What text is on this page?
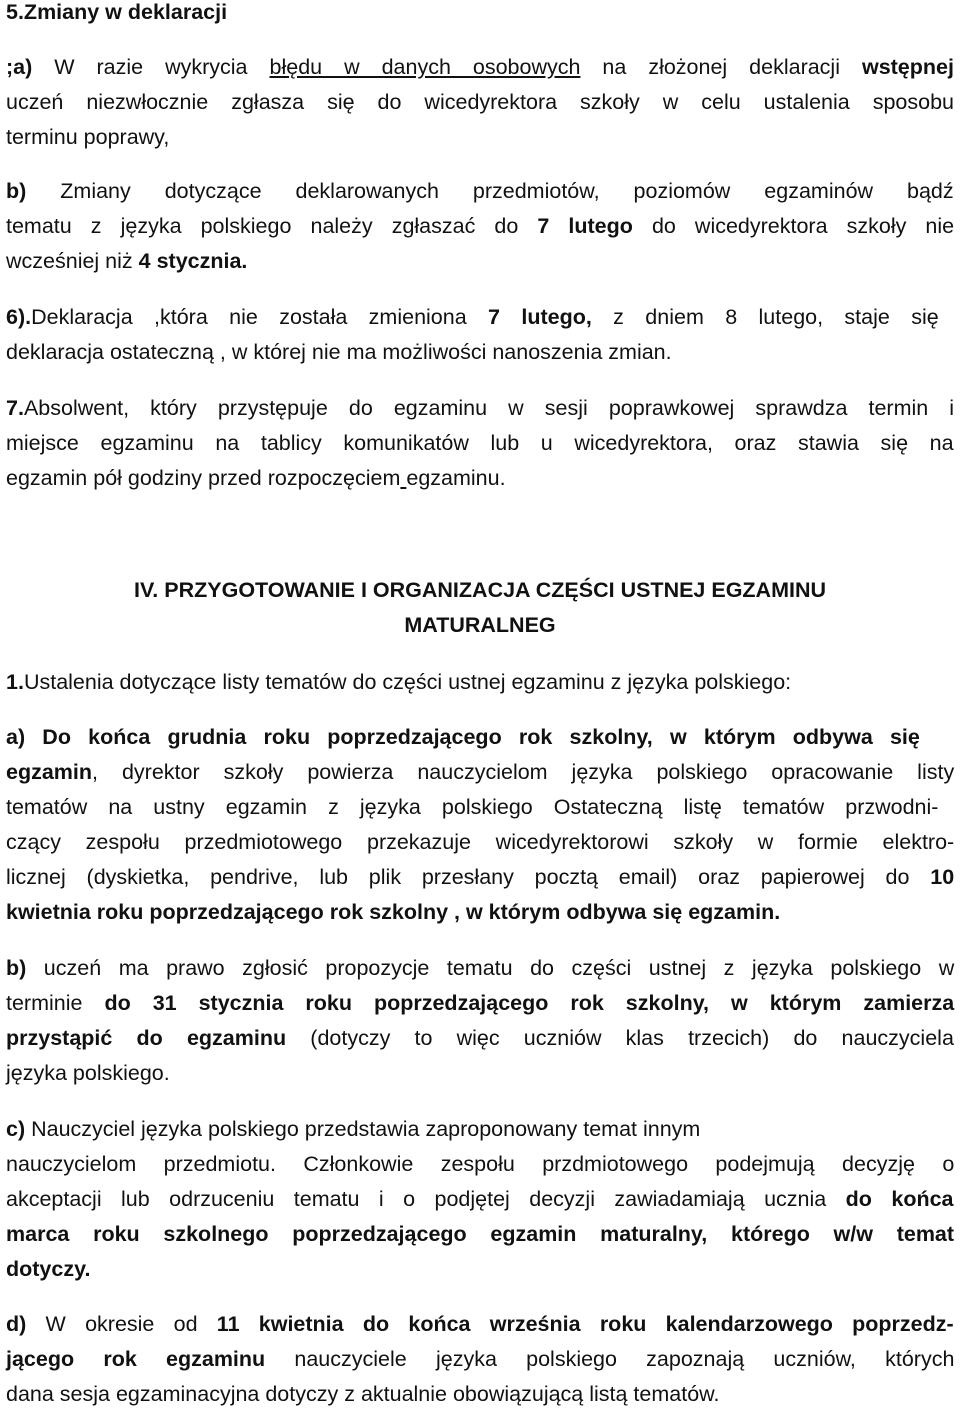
5.Zmiany w deklaracji
;a) W razie wykrycia błędu w danych osobowych na złożonej deklaracji wstępnej
uczeń niezwłocznie zgłasza się do wicedyrektora szkoły w celu ustalenia sposobu
terminu poprawy,
b) Zmiany dotyczące deklarowanych przedmiotów, poziomów egzaminów bądź
tematu z języka polskiego należy zgłaszać do 7 lutego do wicedyrektora szkoły nie
wcześniej niż 4 stycznia.
6).Deklaracja ,która nie została zmieniona 7 lutego, z dniem 8 lutego, staje się
deklaracja ostateczną , w której nie ma możliwości nanoszenia zmian.
7.Absolwent, który przystępuje do egzaminu w sesji poprawkowej sprawdza termin i
miejsce egzaminu na tablicy komunikatów lub u wicedyrektora, oraz stawia się na
egzamin pół godziny przed rozpoczęciem egzaminu.
IV. PRZYGOTOWANIE I ORGANIZACJA CZĘŚCI USTNEJ EGZAMINU
MATURALNEG
1.Ustalenia dotyczące listy tematów do części ustnej egzaminu z języka polskiego:
a) Do końca grudnia roku poprzedzającego rok szkolny, w którym odbywa się
egzamin, dyrektor szkoły powierza nauczycielom języka polskiego opracowanie listy
tematów na ustny egzamin z języka polskiego Ostateczną listę tematów przwodni-
czący zespołu przedmiotowego przekazuje wicedyrektorowi szkoły w formie elektro-
licznej (dyskietka, pendrive, lub plik przesłany pocztą email) oraz papierowej do 10
kwietnia roku poprzedzającego rok szkolny , w którym odbywa się egzamin.
b) uczeń ma prawo zgłosić propozycje tematu do części ustnej z języka polskiego w
terminie do 31 stycznia roku poprzedzającego rok szkolny, w którym zamierza
przystąpić do egzaminu (dotyczy to więc uczniów klas trzecich) do nauczyciela
języka polskiego.
c) Nauczyciel języka polskiego przedstawia zaproponowany temat innym
nauczycielom przedmiotu. Członkowie zespołu przdmiotowego podejmują decyzję o
akceptacji lub odrzuceniu tematu i o podjętej decyzji zawiadamiają ucznia do końca
marca roku szkolnego poprzedzającego egzamin maturalny, którego w/w temat
dotyczy.
d) W okresie od 11 kwietnia do końca września roku kalendarzowego poprzedz-
jącego rok egzaminu nauczyciele języka polskiego zapoznają uczniów, których
dana sesja egzaminacyjna dotyczy z aktualnie obowiązującą listą tematów.
